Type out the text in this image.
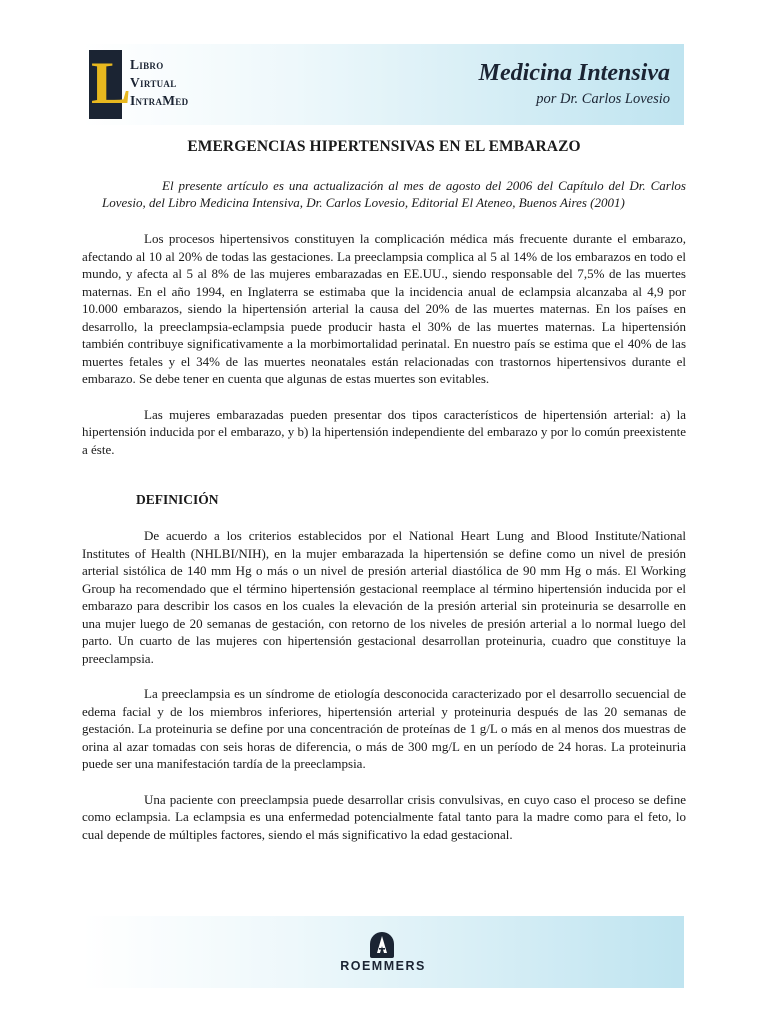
L
Libro
Virtual
IntraMed
Medicina Intensiva
por Dr. Carlos Lovesio
EMERGENCIAS HIPERTENSIVAS EN EL EMBARAZO

El presente artículo es una actualización al mes de agosto del 2006 del Capítulo del Dr. Carlos Lovesio, del Libro Medicina Intensiva, Dr. Carlos Lovesio, Editorial El Ateneo, Buenos Aires (2001)

Los procesos hipertensivos constituyen la complicación médica más frecuente durante el embarazo, afectando al 10 al 20% de todas las gestaciones. La preeclampsia complica al 5 al 14% de los embarazos en todo el mundo, y afecta al 5 al 8% de las mujeres embarazadas en EE.UU., siendo responsable del 7,5% de las muertes maternas. En el año 1994, en Inglaterra se estimaba que la incidencia anual de eclampsia alcanzaba al 4,9 por 10.000 embarazos, siendo la hipertensión arterial la causa del 20% de las muertes maternas. En los países en desarrollo, la preeclampsia-eclampsia puede producir hasta el 30% de las muertes maternas. La hipertensión también contribuye significativamente a la morbimortalidad perinatal. En nuestro país se estima que el 40% de las muertes fetales y el 34% de las muertes neonatales están relacionadas con trastornos hipertensivos durante el embarazo. Se debe tener en cuenta que algunas de estas muertes son evitables.

Las mujeres embarazadas pueden presentar dos tipos característicos de hipertensión arterial: a) la hipertensión inducida por el embarazo, y b) la hipertensión independiente del embarazo y por lo común preexistente a éste.

DEFINICIÓN

De acuerdo a los criterios establecidos por el National Heart Lung and Blood Institute/National Institutes of Health (NHLBI/NIH), en la mujer embarazada la hipertensión se define como un nivel de presión arterial sistólica de 140 mm Hg o más o un nivel de presión arterial diastólica de 90 mm Hg o más. El Working Group ha recomendado que el término hipertensión gestacional reemplace al término hipertensión inducida por el embarazo para describir los casos en los cuales la elevación de la presión arterial sin proteinuria se desarrolle en una mujer luego de 20 semanas de gestación, con retorno de los niveles de presión arterial a lo normal luego del parto. Un cuarto de las mujeres con hipertensión gestacional desarrollan proteinuria, cuadro que constituye la preeclampsia.

La preeclampsia es un síndrome de etiología desconocida caracterizado por el desarrollo secuencial de edema facial y de los miembros inferiores, hipertensión arterial y proteinuria después de las 20 semanas de gestación. La proteinuria se define por una concentración de proteínas de 1 g/L o más en al menos dos muestras de orina al azar tomadas con seis horas de diferencia, o más de 300 mg/L en un período de 24 horas. La proteinuria puede ser una manifestación tardía de la preeclampsia.

Una paciente con preeclampsia puede desarrollar crisis convulsivas, en cuyo caso el proceso se define como eclampsia. La eclampsia es una enfermedad potencialmente fatal tanto para la madre como para el feto, lo cual depende de múltiples factores, siendo el más significativo la edad gestacional.

ROEMMERS
